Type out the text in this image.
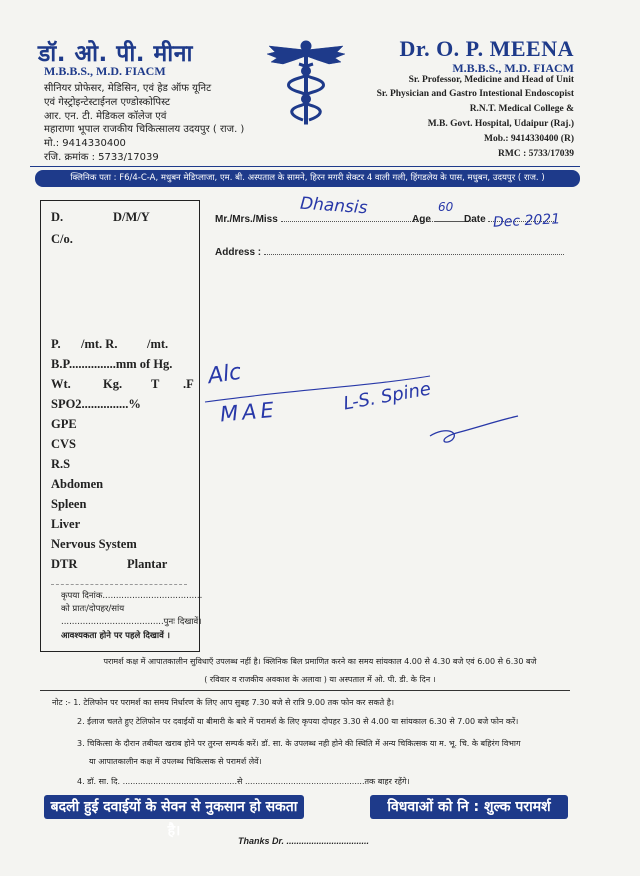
डॉ. ओ. पी. मीना
M.B.B.S., M.D. FIACM
सीनियर प्रोफेसर, मेडिसिन, एवं हेड ऑफ यूनिट
एवं गेस्ट्रोइन्टेस्टाईनल एण्डोस्कोपिस्ट
आर. एन. टी. मेडिकल कॉलेज एवं
महाराणा भूपाल राजकीय चिकित्सालय उदयपुर ( राज. )
मो.: 9414330400
रजि. क्रमांक : 5733/17039
Dr. O. P. MEENA
M.B.B.S., M.D. FIACM
Sr. Professor, Medicine and Head of Unit
Sr. Physician and Gastro Intestional Endoscopist
R.N.T. Medical College &
M.B. Govt. Hospital, Udaipur (Raj.)
Mob.: 9414330400 (R)
RMC : 5733/17039
क्लिनिक पता : F6/4-C-A, मधुबन मेडिप्लाजा, एम. बी. अस्पताल के सामने, हिरन मगरी सेक्टर 4 वाली गली, हिंगडलेय के पास, मधुबन, उदयपुर ( राज. )
D.	D/M/Y
C/o.
P. /mt. R. /mt.
B.P...............mm of Hg.
Wt.	Kg. T .F
SPO2...............%
GPE
CVS
R.S
Abdomen
Spleen
Liver
Nervous System
DTR	Plantar
कृपया दिनांक.....................................
को प्रातः/दोपहर/सांय
......................................पुनः दिखावें।
आवश्यकता होने पर पहले दिखावें ।
Mr./Mrs./Miss	Age	Date
Address :
Dhansis	60
Dec 2021
Alc
MAE	L-S. Spine
परामर्श कक्ष में आपातकालीन सुविधाएँ उपलब्ध नहीं है। क्लिनिक बिल प्रमाणित करने का समय सांयकाल 4.00 से 4.30 बजे एवं 6.00 से 6.30 बजे
( रविवार व राजकीय अवकाश के अलावा ) या अस्पताल में ओ. पी. डी. के दिन ।
नोट :- 1. टेलिफोन पर परामर्श का समय निर्धारण के लिए आप सुबह 7.30 बजे से रात्रि 9.00 तक फोन कर सकते है।
2. ईलाज चलते हुए टेलिफोन पर दवाईयों या बीमारी के बारे में परामर्श के लिए कृपया दोपहर 3.30 से 4.00 या सांयकाल 6.30 से 7.00 बजे फोन करें।
3. चिकित्सा के दौरान तबीयत खराब होने पर तुरन्त सम्पर्क करें। डॉ. सा. के उपलब्ध नही होने की स्थिति में अन्य चिकित्सक या म. भू. चि. के बहिरंग विभाग
या आपातकालीन कक्ष में उपलब्ध चिकित्सक से परामर्श लेवें।
4. डॉ. सा. दि. .............................................से ...............................................तक बाहर रहेंगे।
बदली हुई दवाईयों के सेवन से नुकसान हो सकता है।
विधवाओं को नि : शुल्क परामर्श
Thanks Dr. .................................
